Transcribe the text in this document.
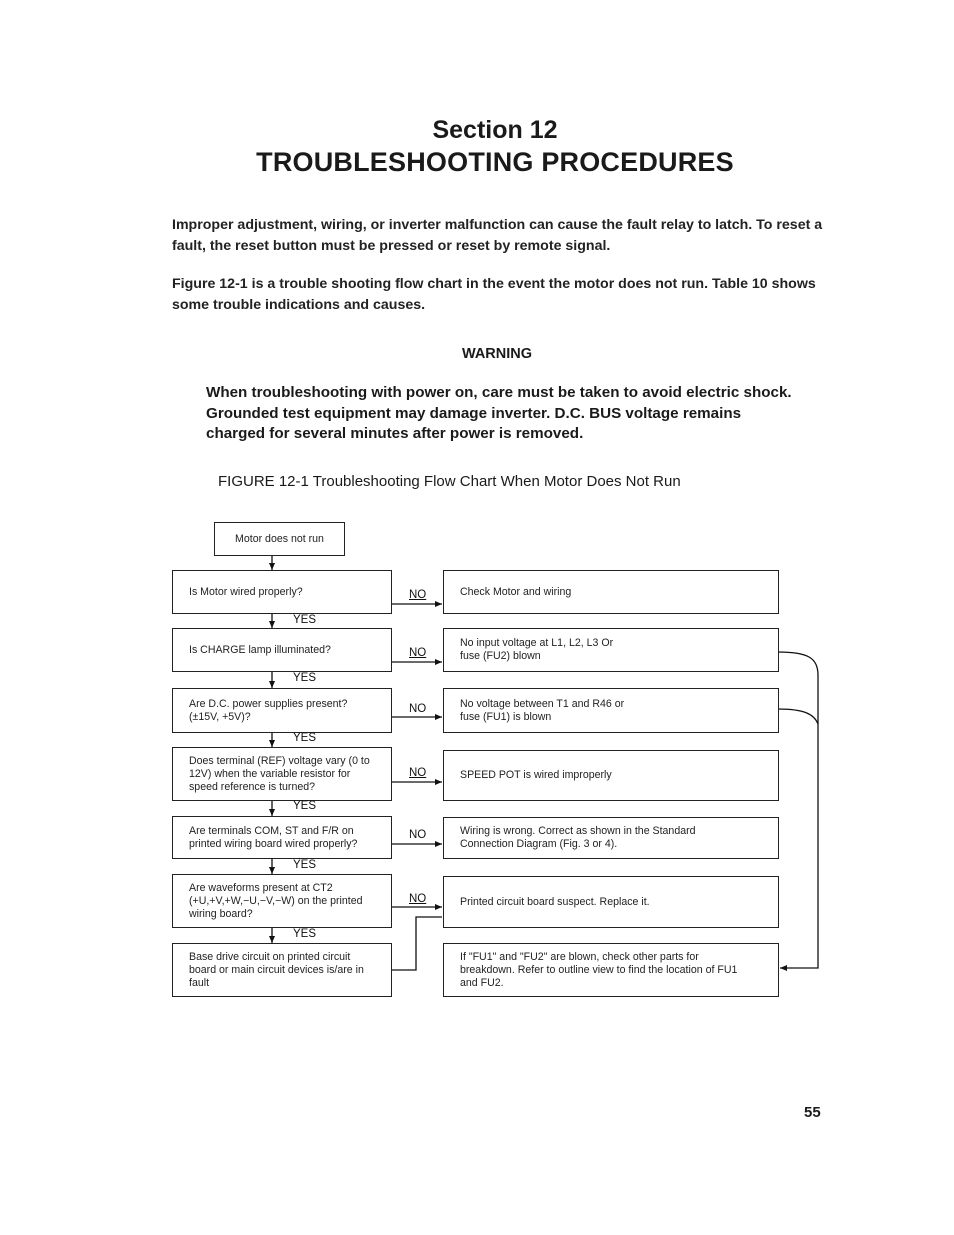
Section 12
TROUBLESHOOTING PROCEDURES
Improper adjustment, wiring, or inverter malfunction can cause the fault relay to latch. To reset a fault, the reset button must be pressed or reset by remote signal.
Figure 12-1 is a trouble shooting flow chart in the event the motor does not run. Table 10 shows some trouble indications and causes.
WARNING
When troubleshooting with power on, care must be taken to avoid electric shock. Grounded test equipment may damage inverter. D.C. BUS voltage remains charged for several minutes after power is removed.
FIGURE 12-1 Troubleshooting Flow Chart When Motor Does Not Run
Motor does not run
Is Motor wired properly?
Is CHARGE lamp illuminated?
Are D.C. power supplies present? (±15V, +5V)?
Does terminal (REF) voltage vary (0 to 12V) when the variable resistor for speed reference is turned?
Are terminals COM, ST and F/R on printed wiring board wired properly?
Are waveforms present at CT2 (+U,+V,+W,−U,−V,−W) on the printed wiring board?
Base drive circuit on printed circuit board or main circuit devices is/are in fault
Check Motor and wiring
No input voltage at L1, L2, L3 Or fuse (FU2) blown
No voltage between T1 and R46 or fuse (FU1) is blown
SPEED POT is wired improperly
Wiring is wrong. Correct as shown in the Standard Connection Diagram (Fig. 3 or 4).
Printed circuit board suspect. Replace it.
If "FU1" and "FU2" are blown, check other parts for breakdown. Refer to outline view to find the location of FU1 and FU2.
YES
YES
YES
YES
YES
YES
NO
NO
NO
NO
NO
NO
55
